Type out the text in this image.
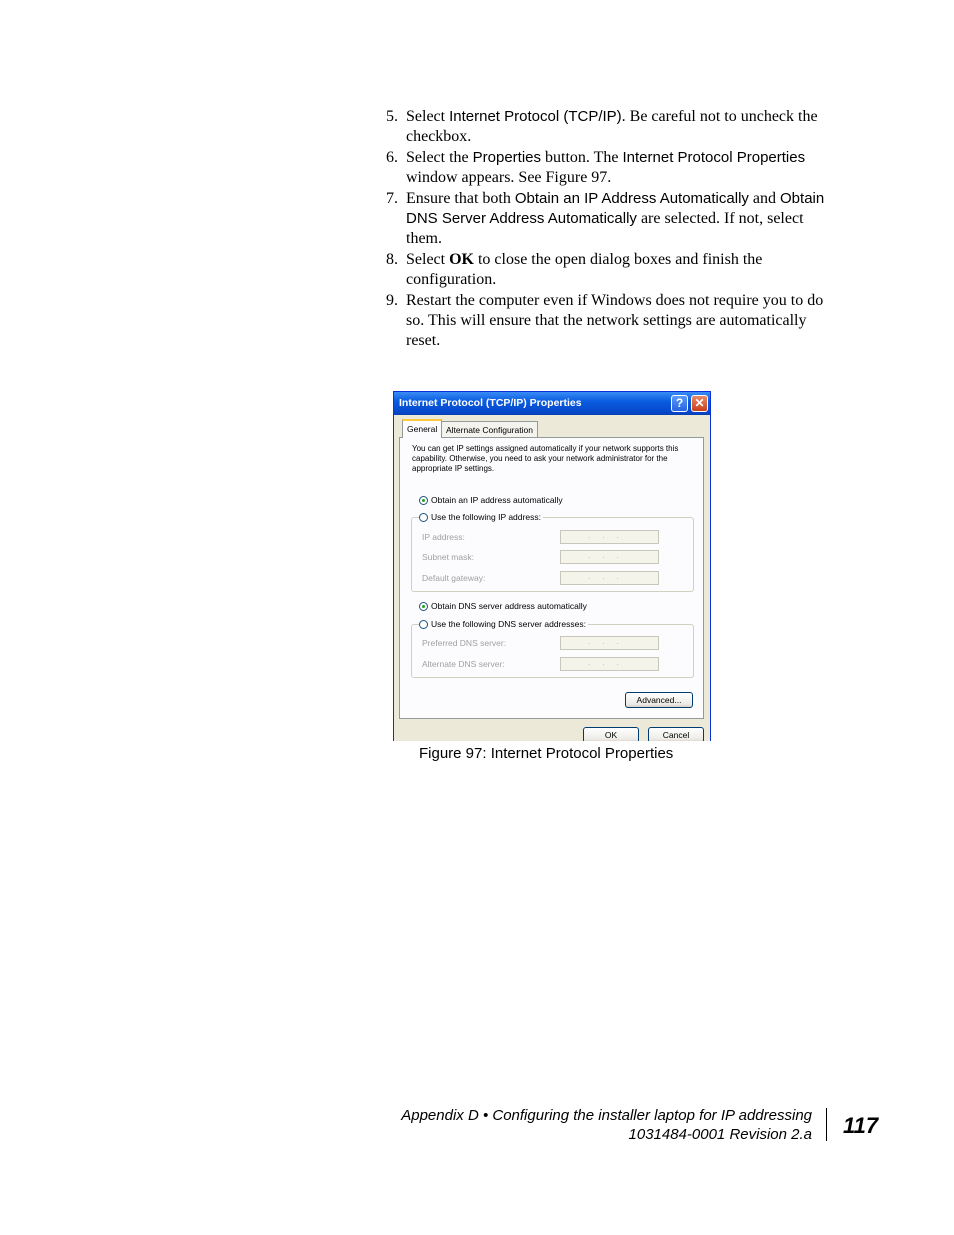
5. Select Internet Protocol (TCP/IP). Be careful not to uncheck the checkbox.
6. Select the Properties button. The Internet Protocol Properties window appears. See Figure 97.
7. Ensure that both Obtain an IP Address Automatically and Obtain DNS Server Address Automatically are selected. If not, select them.
8. Select OK to close the open dialog boxes and finish the configuration.
9. Restart the computer even if Windows does not require you to do so. This will ensure that the network settings are automatically reset.
Internet Protocol (TCP/IP) Properties	? ✕
General	Alternate Configuration
You can get IP settings assigned automatically if your network supports this capability. Otherwise, you need to ask your network administrator for the appropriate IP settings.
Obtain an IP address automatically
Use the following IP address:
IP address:	...
Subnet mask:	...
Default gateway:	...
Obtain DNS server address automatically
Use the following DNS server addresses:
Preferred DNS server:	...
Alternate DNS server:	...
Advanced...
OK	Cancel
Figure 97: Internet Protocol Properties
Appendix D • Configuring the installer laptop for IP addressing
1031484-0001 Revision 2.a 117
